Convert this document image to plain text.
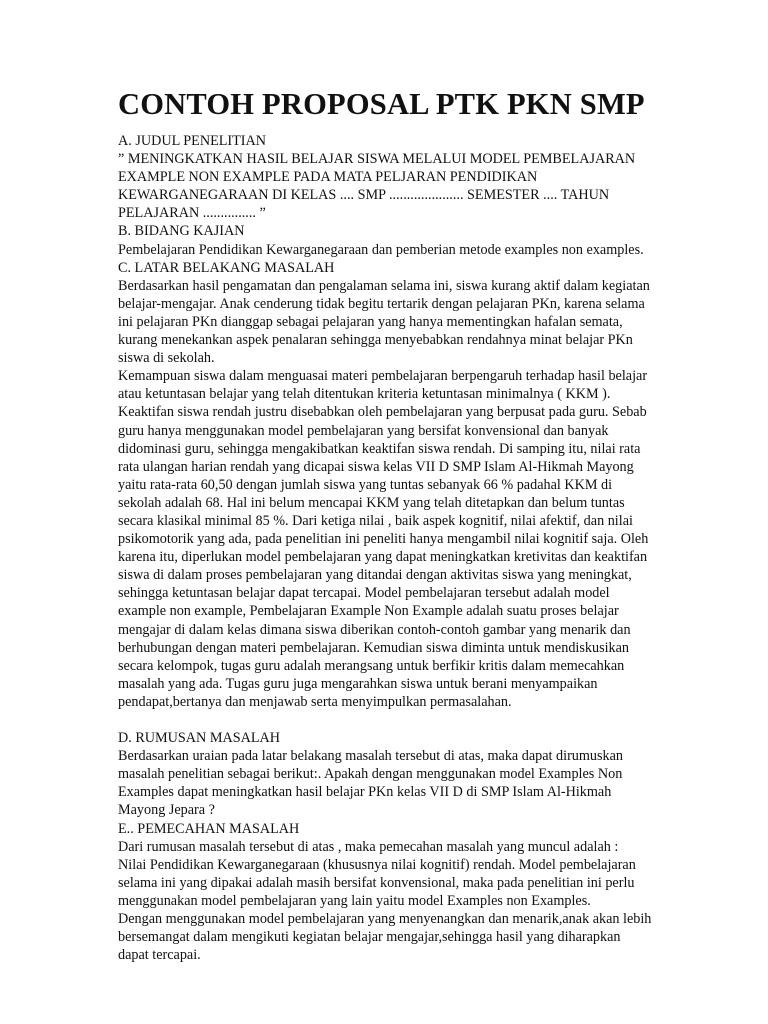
CONTOH PROPOSAL PTK PKN SMP
A. JUDUL PENELITIAN
” MENINGKATKAN HASIL BELAJAR SISWA MELALUI MODEL PEMBELAJARAN
EXAMPLE NON EXAMPLE PADA MATA PELJARAN PENDIDIKAN
KEWARGANEGARAAN DI KELAS .... SMP ..................... SEMESTER .... TAHUN
PELAJARAN ............... ”
B. BIDANG KAJIAN
Pembelajaran Pendidikan Kewarganegaraan dan pemberian metode examples non examples.
C. LATAR BELAKANG MASALAH
Berdasarkan hasil pengamatan dan pengalaman selama ini, siswa kurang aktif dalam kegiatan
belajar-mengajar. Anak cenderung tidak begitu tertarik dengan pelajaran PKn, karena selama
ini pelajaran PKn dianggap sebagai pelajaran yang hanya mementingkan hafalan semata,
kurang menekankan aspek penalaran sehingga menyebabkan rendahnya minat belajar PKn
siswa di sekolah.
Kemampuan siswa dalam menguasai materi pembelajaran berpengaruh terhadap hasil belajar
atau ketuntasan belajar yang telah ditentukan kriteria ketuntasan minimalnya ( KKM ).
Keaktifan siswa rendah justru disebabkan oleh pembelajaran yang berpusat pada guru. Sebab
guru hanya menggunakan model pembelajaran yang bersifat konvensional dan banyak
didominasi guru, sehingga mengakibatkan keaktifan siswa rendah. Di samping itu, nilai rata
rata ulangan harian rendah yang dicapai siswa kelas VII D SMP Islam Al-Hikmah Mayong
yaitu rata-rata 60,50 dengan jumlah siswa yang tuntas sebanyak 66 % padahal KKM di
sekolah adalah 68. Hal ini belum mencapai KKM yang telah ditetapkan dan belum tuntas
secara klasikal minimal 85 %. Dari ketiga nilai , baik aspek kognitif, nilai afektif, dan nilai
psikomotorik yang ada, pada penelitian ini peneliti hanya mengambil nilai kognitif saja. Oleh
karena itu, diperlukan model pembelajaran yang dapat meningkatkan kretivitas dan keaktifan
siswa di dalam proses pembelajaran yang ditandai dengan aktivitas siswa yang meningkat,
sehingga ketuntasan belajar dapat tercapai. Model pembelajaran tersebut adalah model
example non example, Pembelajaran Example Non Example adalah suatu proses belajar
mengajar di dalam kelas dimana siswa diberikan contoh-contoh gambar yang menarik dan
berhubungan dengan materi pembelajaran. Kemudian siswa diminta untuk mendiskusikan
secara kelompok, tugas guru adalah merangsang untuk berfikir kritis dalam memecahkan
masalah yang ada. Tugas guru juga mengarahkan siswa untuk berani menyampaikan
pendapat,bertanya dan menjawab serta menyimpulkan permasalahan.
D. RUMUSAN MASALAH
Berdasarkan uraian pada latar belakang masalah tersebut di atas, maka dapat dirumuskan
masalah penelitian sebagai berikut:. Apakah dengan menggunakan model Examples Non
Examples dapat meningkatkan hasil belajar PKn kelas VII D di SMP Islam Al-Hikmah
Mayong Jepara ?
E.. PEMECAHAN MASALAH
Dari rumusan masalah tersebut di atas , maka pemecahan masalah yang muncul adalah :
Nilai Pendidikan Kewarganegaraan (khususnya nilai kognitif) rendah. Model pembelajaran
selama ini yang dipakai adalah masih bersifat konvensional, maka pada penelitian ini perlu
menggunakan model pembelajaran yang lain yaitu model Examples non Examples.
Dengan menggunakan model pembelajaran yang menyenangkan dan menarik,anak akan lebih
bersemangat dalam mengikuti kegiatan belajar mengajar,sehingga hasil yang diharapkan
dapat tercapai.
